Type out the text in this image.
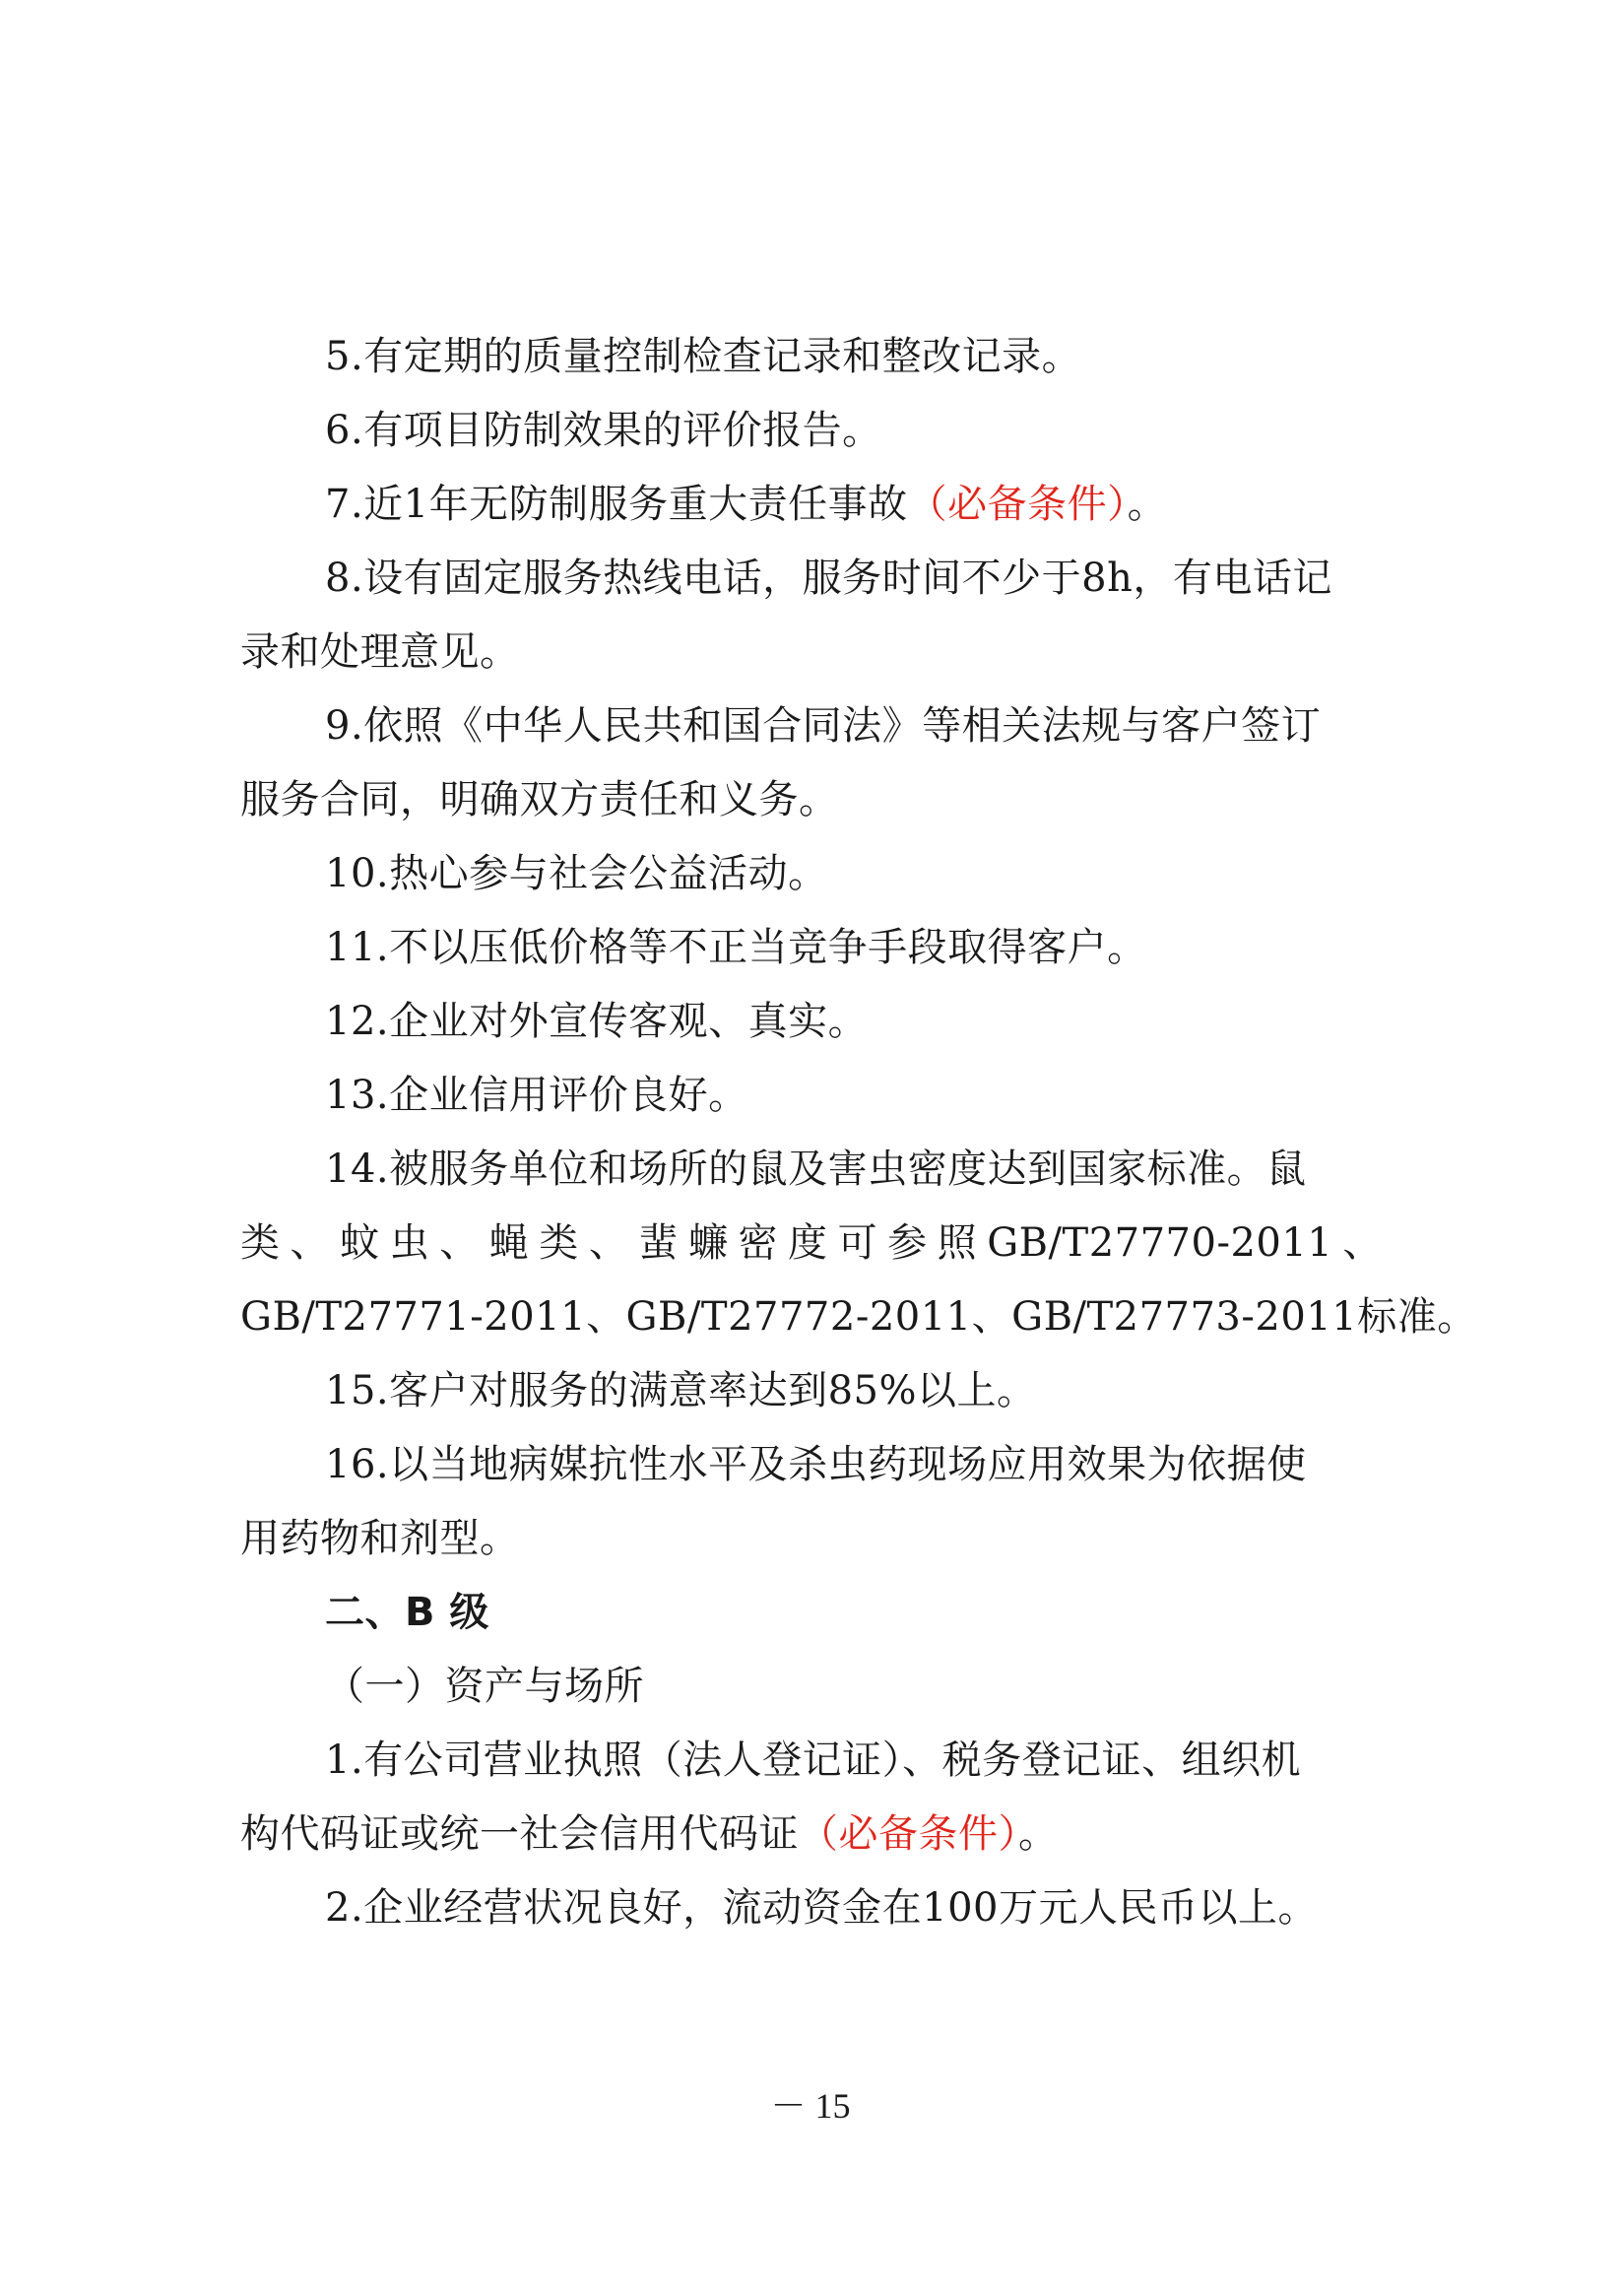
5.有定期的质量控制检查记录和整改记录。
6.有项目防制效果的评价报告。
7.近1年无防制服务重大责任事故（必备条件）。
8.设有固定服务热线电话，服务时间不少于8h，有电话记
录和处理意见。
9.依照《中华人民共和国合同法》等相关法规与客户签订
服务合同，明确双方责任和义务。
10.热心参与社会公益活动。
11.不以压低价格等不正当竞争手段取得客户。
12.企业对外宣传客观、真实。
13.企业信用评价良好。
14.被服务单位和场所的鼠及害虫密度达到国家标准。鼠
类 、 蚊 虫 、 蝇 类 、 蜚 蠊 密 度 可 参 照 GB/T27770-2011 、
GB/T27771-2011、GB/T27772-2011、GB/T27773-2011标准。
15.客户对服务的满意率达到85%以上。
16.以当地病媒抗性水平及杀虫药现场应用效果为依据使
用药物和剂型。
二、B 级
（一）资产与场所
1.有公司营业执照（法人登记证）、税务登记证、组织机
构代码证或统一社会信用代码证（必备条件）。
2.企业经营状况良好，流动资金在100万元人民币以上。
－ 15
